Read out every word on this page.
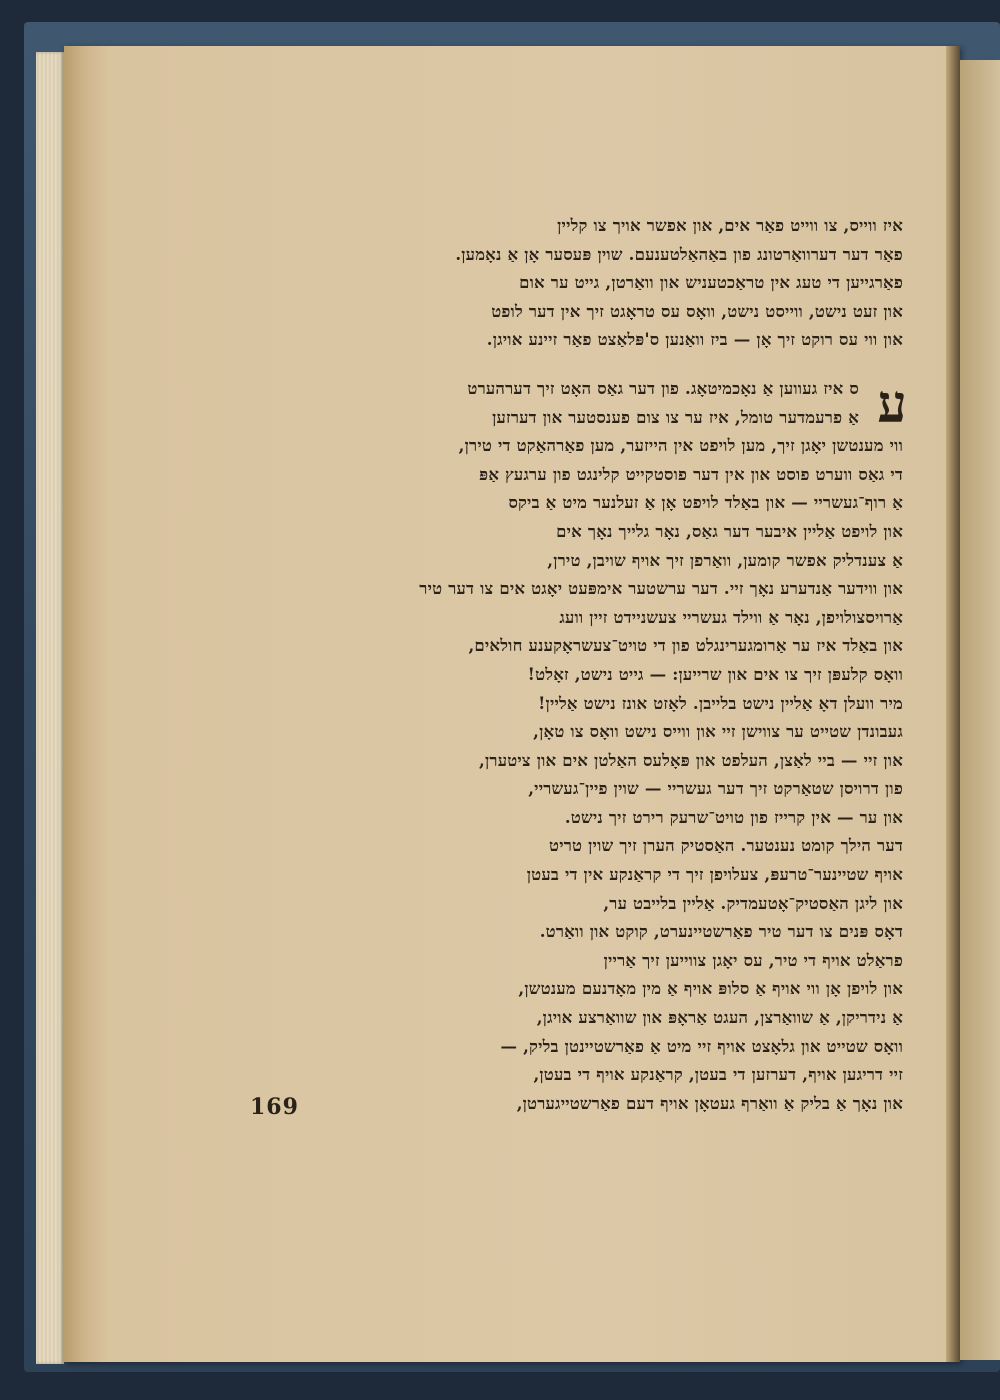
איז ווייס, צו ווייט פאַר אים, און אפשר אויך צו קליין
פאַר דער דערוואַרטונג פון באַהאַלטענעם. שוין פּעסער אָן אַ נאָמען.
פאַרגייען די טעג אין טראַכטעניש און וואַרטן, גייט ער אום
און זעט נישט, ווייסט נישט, וואָס עס טראָגט זיך אין דער לופט
און ווי עס רוקט זיך אָן — ביז וואַנען ס'פּלאַצט פאַר זיינע אויגן.
ע
ס איז געווען אַ נאָכמיטאָג. פון דער גאַס האָט זיך דערהערט
אַ פרעמדער טומל, איז ער צו צום פענסטער און דערזען
ווי מענטשן יאָגן זיך, מען לויפט אין הייזער, מען פאַרהאַקט די טירן,
די גאַס ווערט פוסט און אין דער פוסטקייט קלינגט פון ערגעץ אַפּ
אַ רוף־געשריי — און באַלד לויפט אָן אַ זעלנער מיט אַ ביקס
און לויפט אַליין איבער דער גאַס, נאָר גלייך נאָך אים
אַ צענדליק אפשר קומען, וואַרפן זיך אויף שויבן, טירן,
און ווידער אַנדערע נאָך זיי. דער ערשטער אימפּעט יאָגט אים צו דער טיר
אַרויסצולויפן, נאָר אַ ווילד געשריי צעשניידט זיין וועג
און באַלד איז ער אַרומגערינגלט פון די טויט־צעשראָקענע חולאים,
וואָס קלעפּן זיך צו אים און שרייען: — גייט נישט, זאָלט!
מיר וועלן דאָ אַליין נישט בלייבן. לאָזט אונז נישט אַליין!
געבונדן שטייט ער צווישן זיי און ווייס נישט וואָס צו טאָן,
און זיי — ביי לאַצן, העלפט און פּאָלעס האַלטן אים און ציטערן,
פון דרויסן שטאַרקט זיך דער געשריי — שוין פיין־געשריי,
און ער — אין קרייז פון טויט־שרעק רירט זיך נישט.
דער הילך קומט נענטער. האַסטיק הערן זיך שוין טריט
אויף שטיינער־טרעפּ, צעלויפן זיך די קראַנקע אין די בעטן
און ליגן האַסטיק־אָטעמדיק. אַליין בלייבט ער,
דאָס פּנים צו דער טיר פאַרשטיינערט, קוקט און וואַרט.
פראַלט אויף די טיר, עס יאָגן צווייען זיך אַריין
און לויפן אָן ווי אויף אַ סלופּ אויף אַ מין מאָדנעם מענטשן,
אַ נידריקן, אַ שוואַרצן, העגט אַראָפּ און שוואַרצע אויגן,
וואָס שטייט און גלאָצט אויף זיי מיט אַ פאַרשטיינטן בליק, —
זיי דריגען אויף, דערזען די בעטן, קראַנקע אויף די בעטן,
און נאָך אַ בליק אַ וואַרף געטאָן אויף דעם פאַרשטייגערטן,
169
